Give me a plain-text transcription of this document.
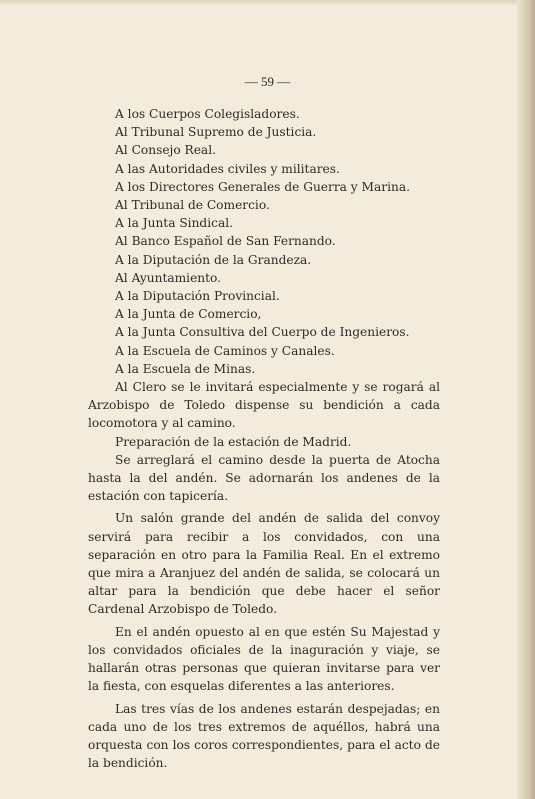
— 59 —
A los Cuerpos Colegisladores.
Al Tribunal Supremo de Justicia.
Al Consejo Real.
A las Autoridades civiles y militares.
A los Directores Generales de Guerra y Marina.
Al Tribunal de Comercio.
A la Junta Sindical.
Al Banco Español de San Fernando.
A la Diputación de la Grandeza.
Al Ayuntamiento.
A la Diputación Provincial.
A la Junta de Comercio,
A la Junta Consultiva del Cuerpo de Ingenieros.
A la Escuela de Caminos y Canales.
A la Escuela de Minas.

Al Clero se le invitará especialmente y se rogará al Arzobispo de Toledo dispense su bendición a cada locomotora y al camino.

Preparación de la estación de Madrid.

Se arreglará el camino desde la puerta de Atocha hasta la del andén. Se adornarán los andenes de la estación con tapicería.

Un salón grande del andén de salida del convoy servirá para recibir a los convidados, con una separación en otro para la Familia Real. En el extremo que mira a Aranjuez del andén de salida, se colocará un altar para la bendición que debe hacer el señor Cardenal Arzobispo de Toledo.

En el andén opuesto al en que estén Su Majestad y los convidados oficiales de la inaguración y viaje, se hallarán otras personas que quieran invitarse para ver la fiesta, con esquelas diferentes a las anteriores.

Las tres vías de los andenes estarán despejadas; en cada uno de los tres extremos de aquéllos, habrá una orquesta con los coros correspondientes, para el acto de la bendición.
